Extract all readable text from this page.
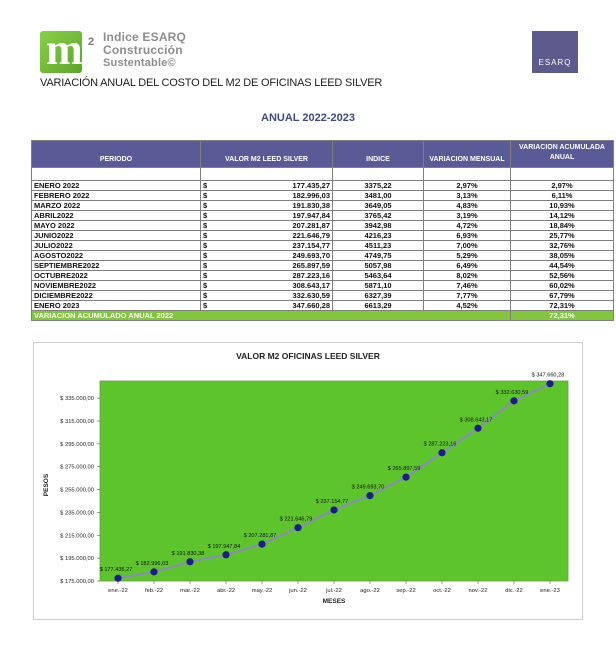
m 2 Indice ESARQ
Construcción
Sustentable©	ESARQ
VARIACIÓN ANUAL DEL COSTO DEL M2 DE OFICINAS LEED SILVER
ANUAL 2022-2023
PERIODO	VALOR M2 LEED SILVER	INDICE	VARIACION MENSUAL	VARIACION ACUMULADA ANUAL

ENERO 2022	$ 177.435,27	3375,22	2,97%	2,97%
FEBRERO 2022	$ 182.996,03	3481,00	3,13%	6,11%
MARZO 2022	$ 191.830,38	3649,05	4,83%	10,93%
ABRIL2022	$ 197.947,84	3765,42	3,19%	14,12%
MAYO 2022	$ 207.281,87	3942,98	4,72%	18,84%
JUNIO2022	$ 221.646,79	4216,23	6,93%	25,77%
JULIO2022	$ 237.154,77	4511,23	7,00%	32,76%
AGOSTO2022	$ 249.693,70	4749,75	5,29%	38,05%
SEPTIEMBRE2022	$ 265.897,59	5057,98	6,49%	44,54%
OCTUBRE2022	$ 287.223,16	5463,64	8,02%	52,56%
NOVIEMBRE2022	$ 308.643,17	5871,10	7,46%	60,02%
DICIEMBRE2022	$ 332.630,59	6327,39	7,77%	67,79%
ENERO 2023	$ 347.660,28	6613,29	4,52%	72,31%
VARIACION ACUMULADO ANUAL 2022				72,31%
VALOR M2 OFICINAS LEED SILVER
$ 175.000,00
$ 195.000,00
$ 215.000,00
$ 235.000,00
$ 255.000,00
$ 275.000,00
$ 295.000,00
$ 315.000,00
$ 335.000,00
ene.-22	feb.-22	mar.-22	abr.-22	may.-22	jun.-22	jul.-22	ago.-22	sep.-22	oct.-22	nov.-22	dic.-22	ene.-23
$ 177.435,27
$ 182.996,03
$ 191.830,38
$ 197.947,84
$ 207.281,87
$ 221.646,79
$ 237.154,77
$ 249.693,70
$ 265.897,59
$ 287.223,16
$ 308.643,17
$ 332.630,59
$ 347.660,28
PESOS
MESES
